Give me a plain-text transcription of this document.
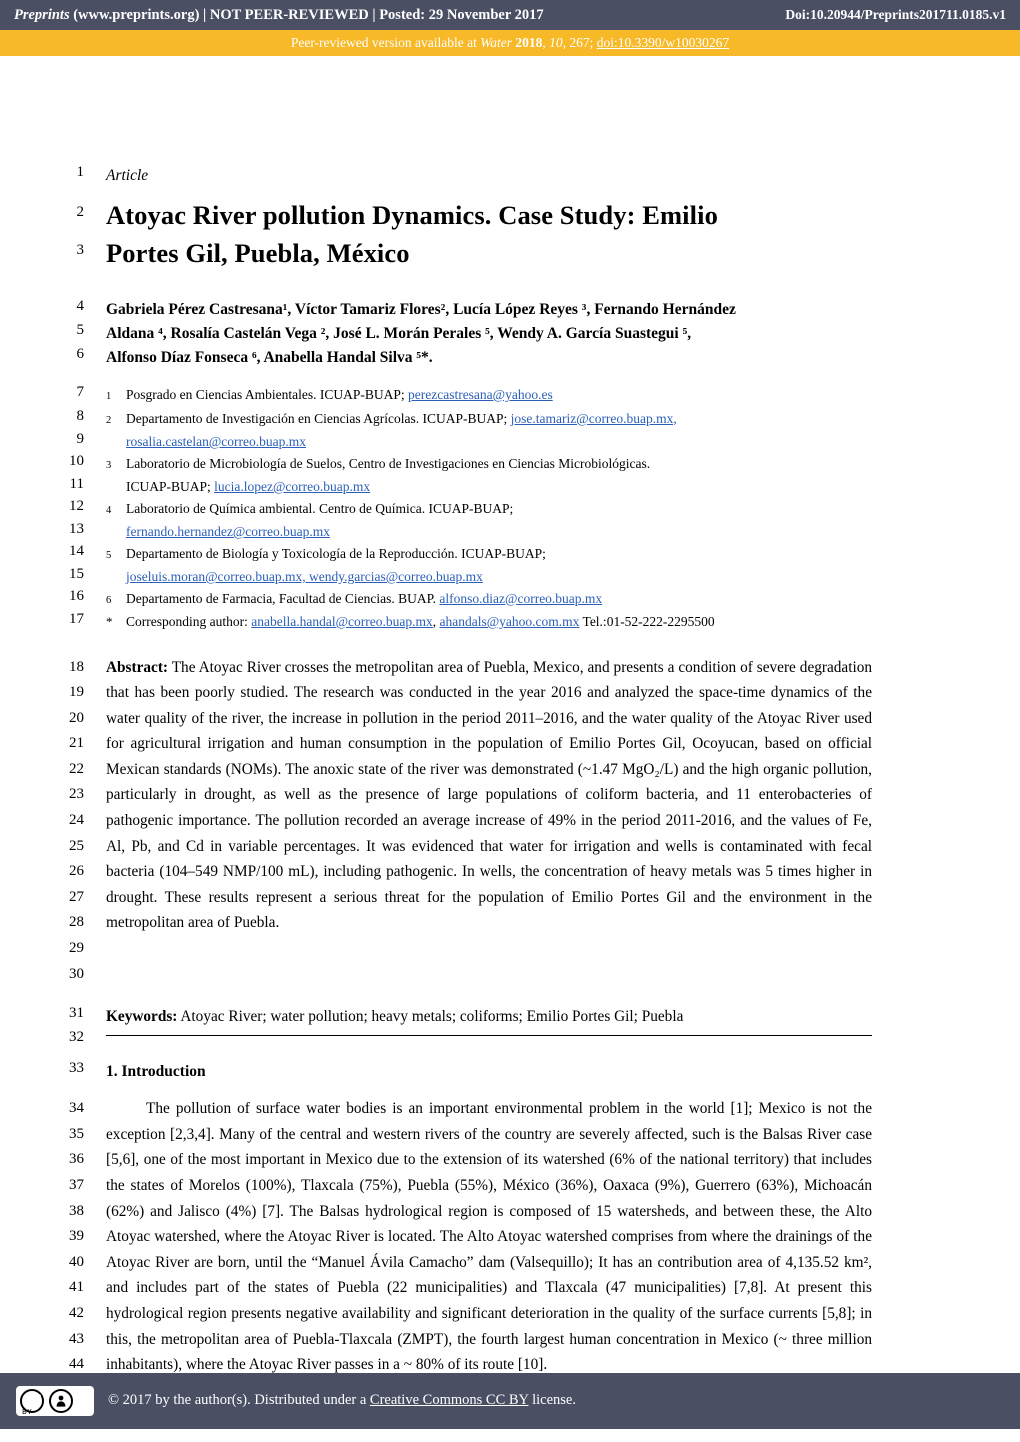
Preprints (www.preprints.org) | NOT PEER-REVIEWED | Posted: 29 November 2017	Doi:10.20944/Preprints201711.0185.v1
Peer-reviewed version available at
Water
2018 , 10 , 267;
doi:10.3390/w10030267
1	Article
2 Atoyac River pollution Dynamics. Case Study: Emilio
3 Portes Gil, Puebla, México
4	Gabriela Pérez Castresana¹, Víctor Tamariz Flores², Lucía López Reyes ³, Fernando Hernández
5	Aldana ⁴, Rosalía Castelán Vega ², José L. Morán Perales ⁵, Wendy A. García Suastegui ⁵,
6	Alfonso Díaz Fonseca ⁶, Anabella Handal Silva ⁵*.
7	1 Posgrado en Ciencias Ambientales. ICUAP-BUAP; perezcastresana@yahoo.es
8	2 Departamento de Investigación en Ciencias Agrícolas. ICUAP-BUAP; jose.tamariz@correo.buap.mx,
9	rosalia.castelan@correo.buap.mx
10	3 Laboratorio de Microbiología de Suelos, Centro de Investigaciones en Ciencias Microbiológicas.
11	ICUAP-BUAP; lucia.lopez@correo.buap.mx
12	4 Laboratorio de Química ambiental. Centro de Química. ICUAP-BUAP;
13	fernando.hernandez@correo.buap.mx
14	5 Departamento de Biología y Toxicología de la Reproducción. ICUAP-BUAP;
15	joseluis.moran@correo.buap.mx, wendy.garcias@correo.buap.mx
16	6 Departamento de Farmacia, Facultad de Ciencias. BUAP. alfonso.diaz@correo.buap.mx
17	* Corresponding author: anabella.handal@correo.buap.mx, ahandals@yahoo.com.mx Tel.:01-52-222-2295500
18
19
20
21
22
23
24
25
26
27
28
29
30
Abstract: The Atoyac River crosses the metropolitan area of Puebla, Mexico, and presents a condition of severe degradation that has been poorly studied. The research was conducted in the year 2016 and analyzed the space-time dynamics of the water quality of the river, the increase in pollution in the period 2011–2016, and the water quality of the Atoyac River used for agricultural irrigation and human consumption in the population of Emilio Portes Gil, Ocoyucan, based on official Mexican standards (NOMs). The anoxic state of the river was demonstrated (~1.47 MgO₂/L) and the high organic pollution, particularly in drought, as well as the presence of large populations of coliform bacteria, and 11 enterobacteries of pathogenic importance. The pollution recorded an average increase of 49% in the period 2011-2016, and the values of Fe, Al, Pb, and Cd in variable percentages. It was evidenced that water for irrigation and wells is contaminated with fecal bacteria (104–549 NMP/100 mL), including pathogenic. In wells, the concentration of heavy metals was 5 times higher in drought. These results represent a serious threat for the population of Emilio Portes Gil and the environment in the metropolitan area of Puebla.
31	Keywords: Atoyac River; water pollution; heavy metals; coliforms; Emilio Portes Gil; Puebla
32
33	1. Introduction
34
35
36
37
38
39
40
41
42
43
44
The pollution of surface water bodies is an important environmental problem in the world [1]; Mexico is not the exception [2,3,4]. Many of the central and western rivers of the country are severely affected, such is the Balsas River case [5,6], one of the most important in Mexico due to the extension of its watershed (6% of the national territory) that includes the states of Morelos (100%), Tlaxcala (75%), Puebla (55%), México (36%), Oaxaca (9%), Guerrero (63%), Michoacán (62%) and Jalisco (4%) [7]. The Balsas hydrological region is composed of 15 watersheds, and between these, the Alto Atoyac watershed, where the Atoyac River is located. The Alto Atoyac watershed comprises from where the drainings of the Atoyac River are born, until the “Manuel Ávila Camacho” dam (Valsequillo); It has an contribution area of 4,135.52 km², and includes part of the states of Puebla (22 municipalities) and Tlaxcala (47 municipalities) [7,8]. At present this hydrological region presents negative availability and significant deterioration in the quality of the surface currents [5,8]; in this, the metropolitan area of Puebla-Tlaxcala (ZMPT), the fourth largest human concentration in Mexico (~ three million inhabitants), where the Atoyac River passes in a ~ 80% of its route [10].
CC
BY
© 2017 by the author(s). Distributed under a Creative Commons CC BY license.
